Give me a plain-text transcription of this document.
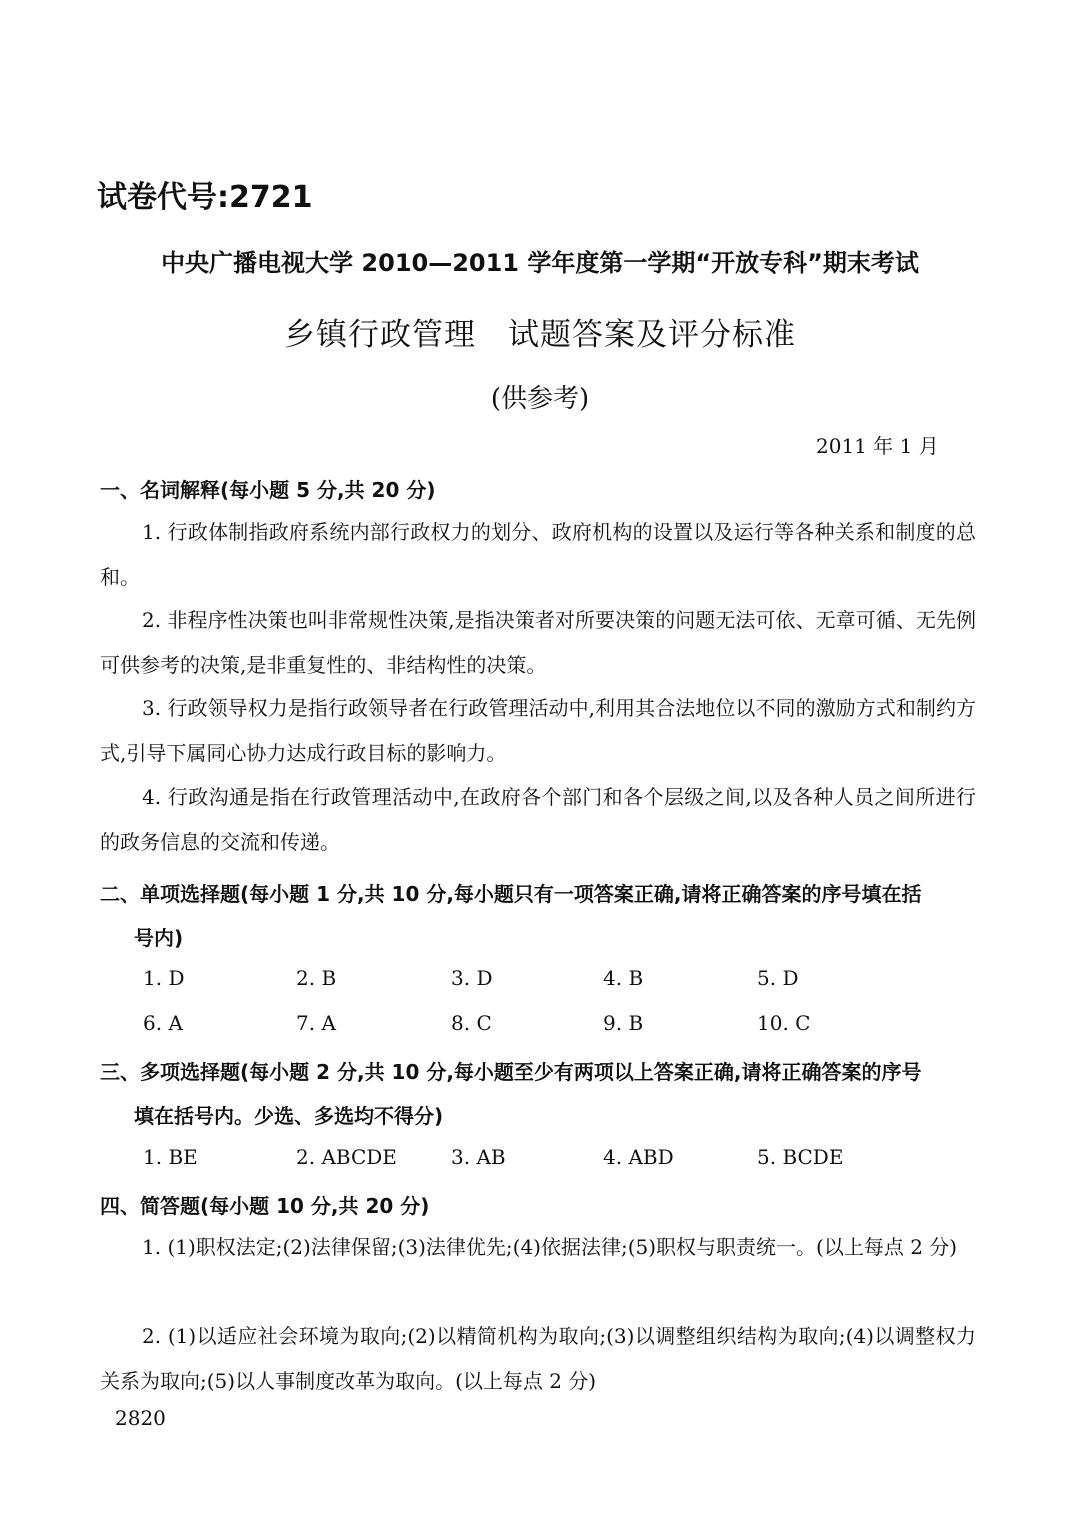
试卷代号:2721
中央广播电视大学 2010—2011 学年度第一学期“开放专科”期末考试
乡镇行政管理　试题答案及评分标准
(供参考)
2011 年 1 月
一、名词解释(每小题 5 分,共 20 分)
1. 行政体制指政府系统内部行政权力的划分、政府机构的设置以及运行等各种关系和制度的总和。
2. 非程序性决策也叫非常规性决策,是指决策者对所要决策的问题无法可依、无章可循、无先例可供参考的决策,是非重复性的、非结构性的决策。
3. 行政领导权力是指行政领导者在行政管理活动中,利用其合法地位以不同的激励方式和制约方式,引导下属同心协力达成行政目标的影响力。
4. 行政沟通是指在行政管理活动中,在政府各个部门和各个层级之间,以及各种人员之间所进行的政务信息的交流和传递。
二、单项选择题(每小题 1 分,共 10 分,每小题只有一项答案正确,请将正确答案的序号填在括
号内)
1. D	2. B	3. D	4. B	5. D
6. A	7. A	8. C	9. B	10. C
三、多项选择题(每小题 2 分,共 10 分,每小题至少有两项以上答案正确,请将正确答案的序号
填在括号内。少选、多选均不得分)
1. BE	2. ABCDE	3. AB	4. ABD	5. BCDE
四、简答题(每小题 10 分,共 20 分)
1. (1)职权法定;(2)法律保留;(3)法律优先;(4)依据法律;(5)职权与职责统一。(以上每点 2 分)
2. (1)以适应社会环境为取向;(2)以精简机构为取向;(3)以调整组织结构为取向;(4)以调整权力关系为取向;(5)以人事制度改革为取向。(以上每点 2 分)
2820
